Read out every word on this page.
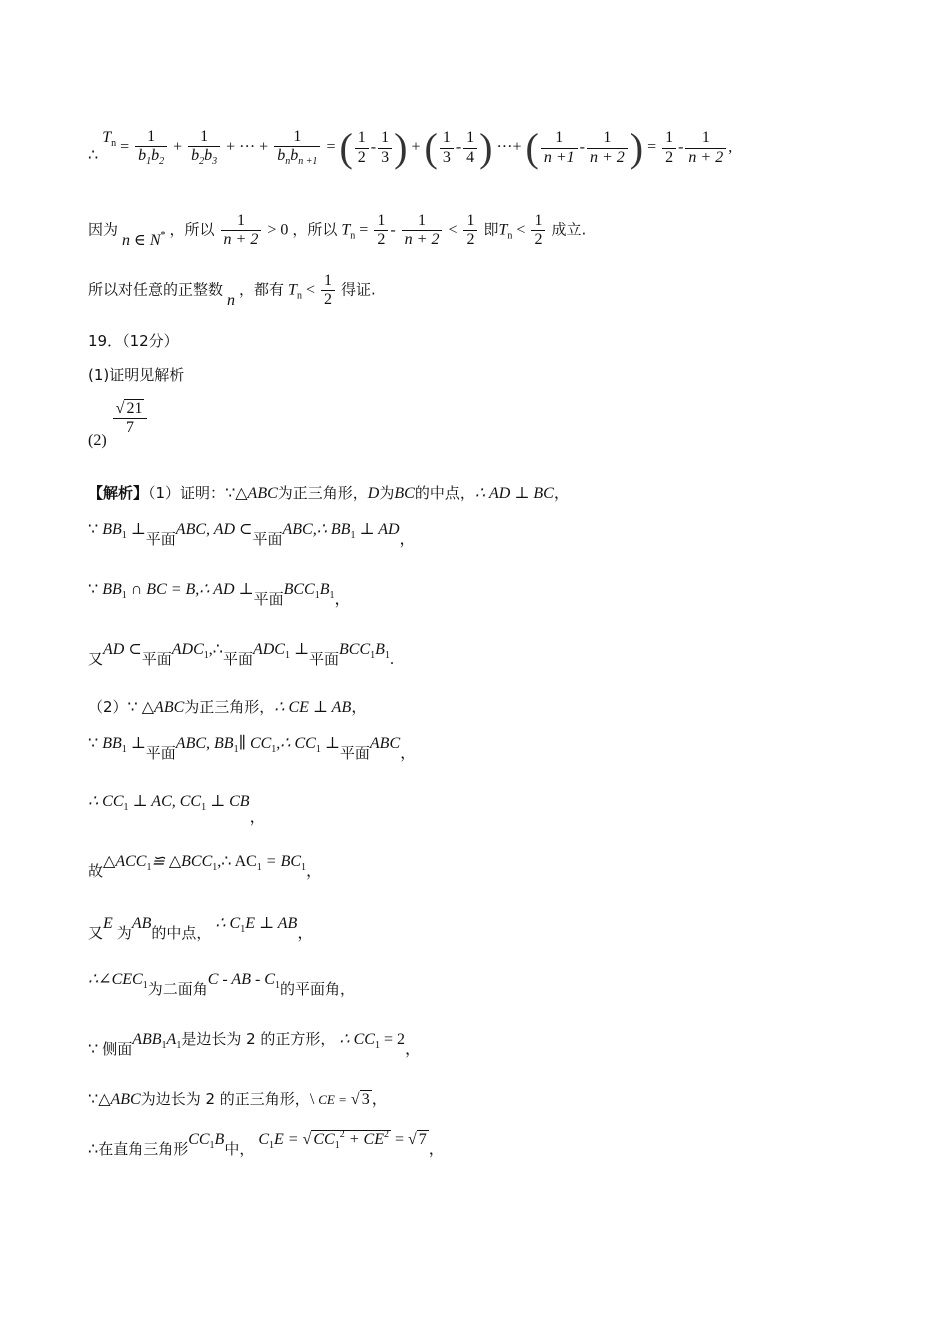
∴ $T^n = \frac{1}{b_1b_2} + \frac{1}{b_2b_3}$ + ··· + $\frac{1}{b_nb_{n +1}}$ = ( $\frac{1}{2} - \frac{1}{3}$ ) + ( $\frac{1}{3} - \frac{1}{4}$ ) ···+ ( $\frac{1}{n +1} - \frac{1}{n + 2}$ ) = $\frac{1}{2} - \frac{1}{n + 2}$ ,
因为 n ∈ N* ，所以 $\frac{1}{n + 2} > 0$ ，所以 $T_n = \frac{1}{2} - \frac{1}{n + 2} < \frac{1}{2}$ 即$T_n < \frac{1}{2}$ 成立.
所以对任意的正整数 n ，都有 $T_n < \frac{1}{2}$ 得证.
19．（12分）
(1)证明见解析
(2)
$\frac{√ 21}{7}$
【解析】（1）证明：∵△ABC为正三角形，D为BC的中点，∴ AD ⊥ BC，
∵ $BB_1$ ⊥平面ABC, AD ⊂平面ABC,∴ $BB_1$ ⊥ AD，
∵ $BB_1$ ∩ BC = B,∴ AD ⊥平面$BCC_1B_1$，
又AD ⊂平面$ADC_1,\therefore$平面$ADC_1$ ⊥平面$BCC_1B_1$.
（2）∵ △ABC为正三角形，∴ CE ⊥ AB，
∵ $BB_1$ ⊥平面ABC, $BB_1\parallel$ $CC_1,\therefore$ $CC_1$ ⊥平面ABC，
∴ $CC_1$ ⊥ AC, $CC_1$ ⊥ CB，
故$\triangle ACC_1≌$ $\triangle BCC_1,\therefore$ $AC_1 = BC_1$，
又E 为AB的中点， ∴ $C_1E$ ⊥ AB，
$\therefore\angle CEC_1$为二面角C - AB - $C_1$的平面角，
∵ 侧面$ABB_1A_1$是边长为 2 的正方形， ∴ $CC_1 = 2$，
∵△ABC为边长为 2 的正三角形，\ CE = √ 3 ，
∴在直角三角形$CC_1B$中， $C_1E$ = √ $CC_1^2 + CE^2$ = √ 7，
